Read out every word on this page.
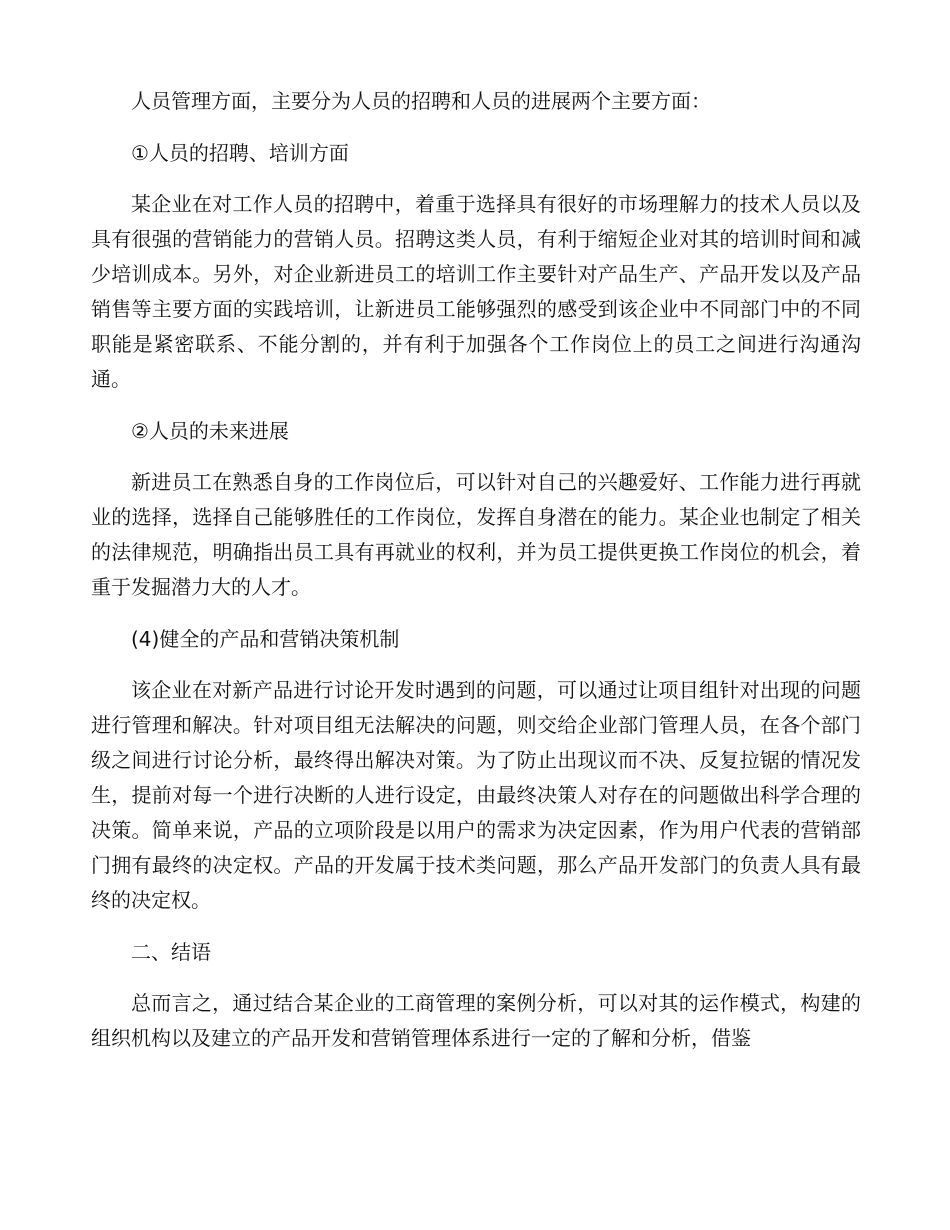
人员管理方面，主要分为人员的招聘和人员的进展两个主要方面：

①人员的招聘、培训方面

某企业在对工作人员的招聘中，着重于选择具有很好的市场理解力的技术人员以及具有很强的营销能力的营销人员。招聘这类人员，有利于缩短企业对其的培训时间和减少培训成本。另外，对企业新进员工的培训工作主要针对产品生产、产品开发以及产品销售等主要方面的实践培训，让新进员工能够强烈的感受到该企业中不同部门中的不同职能是紧密联系、不能分割的，并有利于加强各个工作岗位上的员工之间进行沟通沟通。

②人员的未来进展

新进员工在熟悉自身的工作岗位后，可以针对自己的兴趣爱好、工作能力进行再就业的选择，选择自己能够胜任的工作岗位，发挥自身潜在的能力。某企业也制定了相关的法律规范，明确指出员工具有再就业的权利，并为员工提供更换工作岗位的机会，着重于发掘潜力大的人才。

(4)健全的产品和营销决策机制

该企业在对新产品进行讨论开发时遇到的问题，可以通过让项目组针对出现的问题进行管理和解决。针对项目组无法解决的问题，则交给企业部门管理人员，在各个部门级之间进行讨论分析，最终得出解决对策。为了防止出现议而不决、反复拉锯的情况发生，提前对每一个进行决断的人进行设定，由最终决策人对存在的问题做出科学合理的决策。简单来说，产品的立项阶段是以用户的需求为决定因素，作为用户代表的营销部门拥有最终的决定权。产品的开发属于技术类问题，那么产品开发部门的负责人具有最终的决定权。

二、结语

总而言之，通过结合某企业的工商管理的案例分析，可以对其的运作模式，构建的组织机构以及建立的产品开发和营销管理体系进行一定的了解和分析，借鉴
